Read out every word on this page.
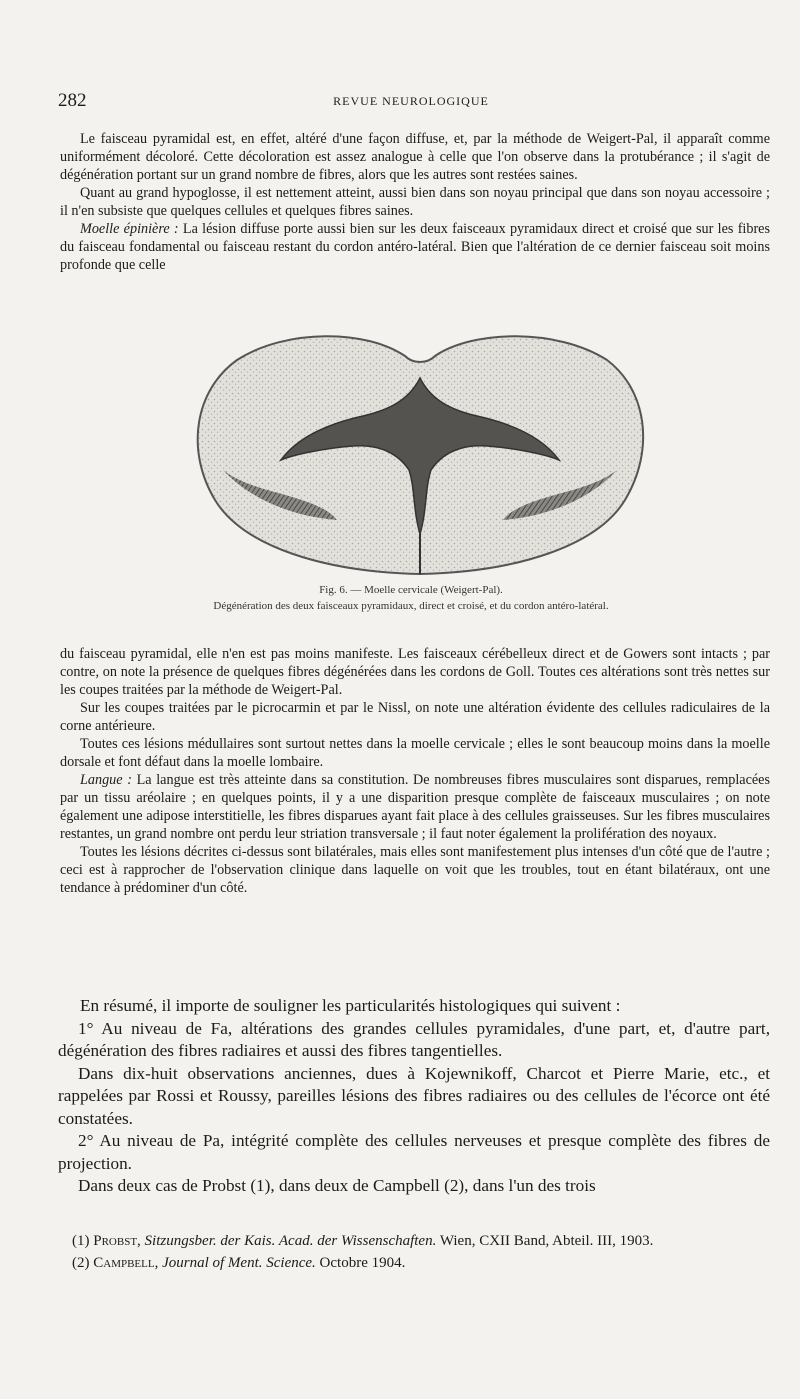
282	REVUE NEUROLOGIQUE

Le faisceau pyramidal est, en effet, altéré d'une façon diffuse, et, par la méthode de Weigert-Pal, il apparaît comme uniformément décoloré. Cette décoloration est assez analogue à celle que l'on observe dans la protubérance ; il s'agit de dégénération portant sur un grand nombre de fibres, alors que les autres sont restées saines.

Quant au grand hypoglosse, il est nettement atteint, aussi bien dans son noyau principal que dans son noyau accessoire ; il n'en subsiste que quelques cellules et quelques fibres saines.

Moelle épinière : La lésion diffuse porte aussi bien sur les deux faisceaux pyramidaux direct et croisé que sur les fibres du faisceau fondamental ou faisceau restant du cordon antéro-latéral. Bien que l'altération de ce dernier faisceau soit moins profonde que celle

Fig. 6. — Moelle cervicale (Weigert-Pal).
Dégénération des deux faisceaux pyramidaux, direct et croisé, et du cordon antéro-latéral.

du faisceau pyramidal, elle n'en est pas moins manifeste. Les faisceaux cérébelleux direct et de Gowers sont intacts ; par contre, on note la présence de quelques fibres dégénérées dans les cordons de Goll. Toutes ces altérations sont très nettes sur les coupes traitées par la méthode de Weigert-Pal.

Sur les coupes traitées par le picrocarmin et par le Nissl, on note une altération évidente des cellules radiculaires de la corne antérieure.

Toutes ces lésions médullaires sont surtout nettes dans la moelle cervicale ; elles le sont beaucoup moins dans la moelle dorsale et font défaut dans la moelle lombaire.

Langue : La langue est très atteinte dans sa constitution. De nombreuses fibres musculaires sont disparues, remplacées par un tissu aréolaire ; en quelques points, il y a une disparition presque complète de faisceaux musculaires ; on note également une adipose interstitielle, les fibres disparues ayant fait place à des cellules graisseuses. Sur les fibres musculaires restantes, un grand nombre ont perdu leur striation transversale ; il faut noter également la prolifération des noyaux.

Toutes les lésions décrites ci-dessus sont bilatérales, mais elles sont manifestement plus intenses d'un côté que de l'autre ; ceci est à rapprocher de l'observation clinique dans laquelle on voit que les troubles, tout en étant bilatéraux, ont une tendance à prédominer d'un côté.

En résumé, il importe de souligner les particularités histologiques qui suivent :

1° Au niveau de Fa, altérations des grandes cellules pyramidales, d'une part, et, d'autre part, dégénération des fibres radiaires et aussi des fibres tangentielles.

Dans dix-huit observations anciennes, dues à Kojewnikoff, Charcot et Pierre Marie, etc., et rappelées par Rossi et Roussy, pareilles lésions des fibres radiaires ou des cellules de l'écorce ont été constatées.

2° Au niveau de Pa, intégrité complète des cellules nerveuses et presque complète des fibres de projection.

Dans deux cas de Probst (1), dans deux de Campbell (2), dans l'un des trois

(1) Probst, Sitzungsber. der Kais. Acad. der Wissenschaften. Wien, CXII Band, Abteil. III, 1903.

(2) Campbell, Journal of Ment. Science. Octobre 1904.
